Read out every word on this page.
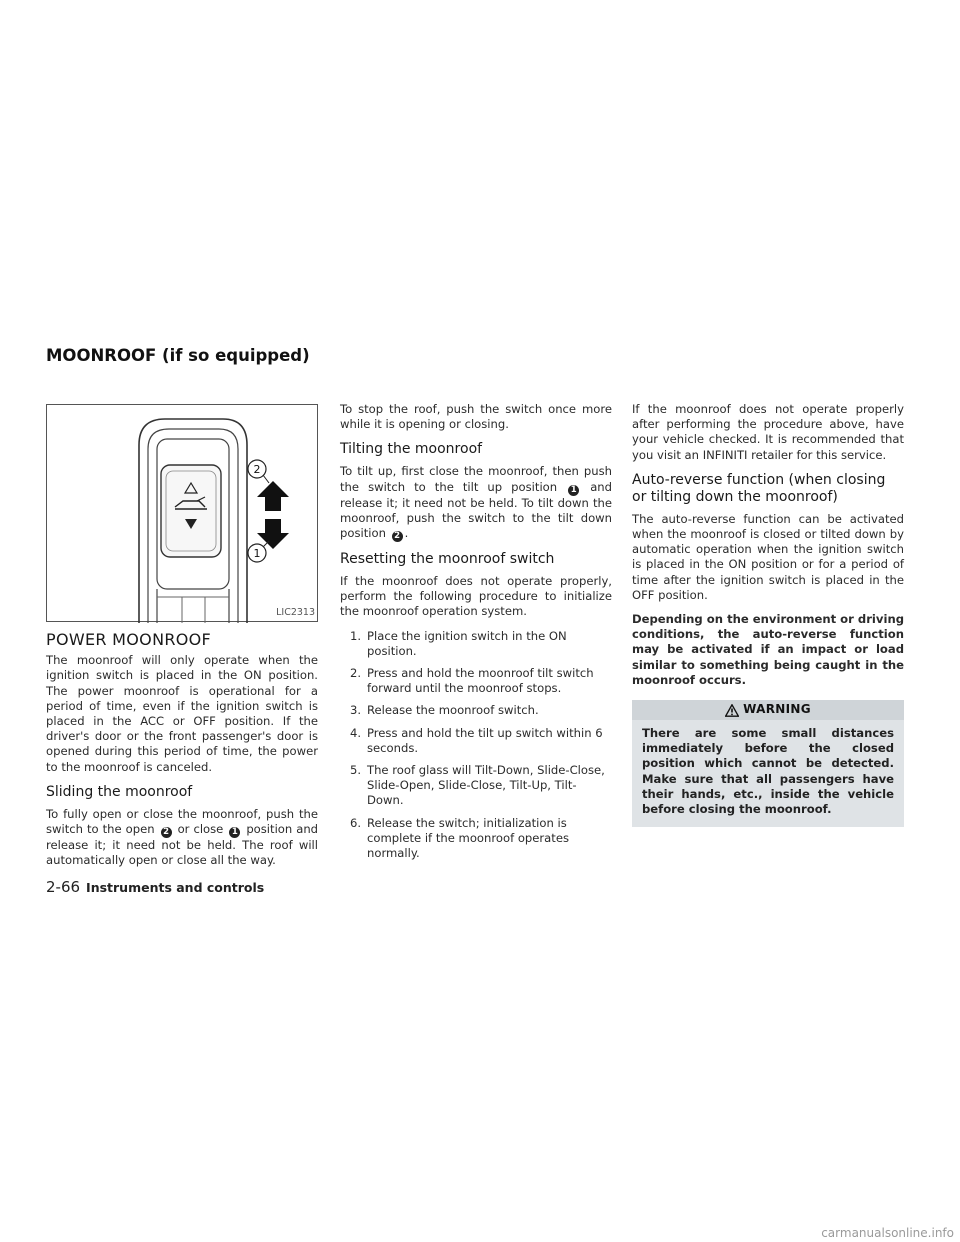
MOONROOF (if so equipped)
2
1
LIC2313
POWER MOONROOF

The moonroof will only operate when the ignition switch is placed in the ON position. The power moonroof is operational for a period of time, even if the ignition switch is placed in the ACC or OFF position. If the driver's door or the front passenger's door is opened during this period of time, the power to the moonroof is canceled.

Sliding the moonroof

To fully open or close the moonroof, push the switch to the open 2 or close 1 position and release it; it need not be held. The roof will automatically open or close all the way.

To stop the roof, push the switch once more while it is opening or closing.

Tilting the moonroof

To tilt up, first close the moonroof, then push the switch to the tilt up position 1 and release it; it need not be held. To tilt down the moonroof, push the switch to the tilt down position 2 .

Resetting the moonroof switch

If the moonroof does not operate properly, perform the following procedure to initialize the moonroof operation system.

1. Place the ignition switch in the ON position.
2. Press and hold the moonroof tilt switch forward until the moonroof stops.
3. Release the moonroof switch.
4. Press and hold the tilt up switch within 6 seconds.
5. The roof glass will Tilt-Down, Slide-Close, Slide-Open, Slide-Close, Tilt-Up, Tilt-Down.
6. Release the switch; initialization is complete if the moonroof operates normally.

If the moonroof does not operate properly after performing the procedure above, have your vehicle checked. It is recommended that you visit an INFINITI retailer for this service.

Auto-reverse function (when closing or tilting down the moonroof)

The auto-reverse function can be activated when the moonroof is closed or tilted down by automatic operation when the ignition switch is placed in the ON position or for a period of time after the ignition switch is placed in the OFF position.

Depending on the environment or driving conditions, the auto-reverse function may be activated if an impact or load similar to something being caught in the moonroof occurs.

WARNING
There are some small distances immediately before the closed position which cannot be detected. Make sure that all passengers have their hands, etc., inside the vehicle before closing the moonroof.
2-66 Instruments and controls
carmanualsonline.info
